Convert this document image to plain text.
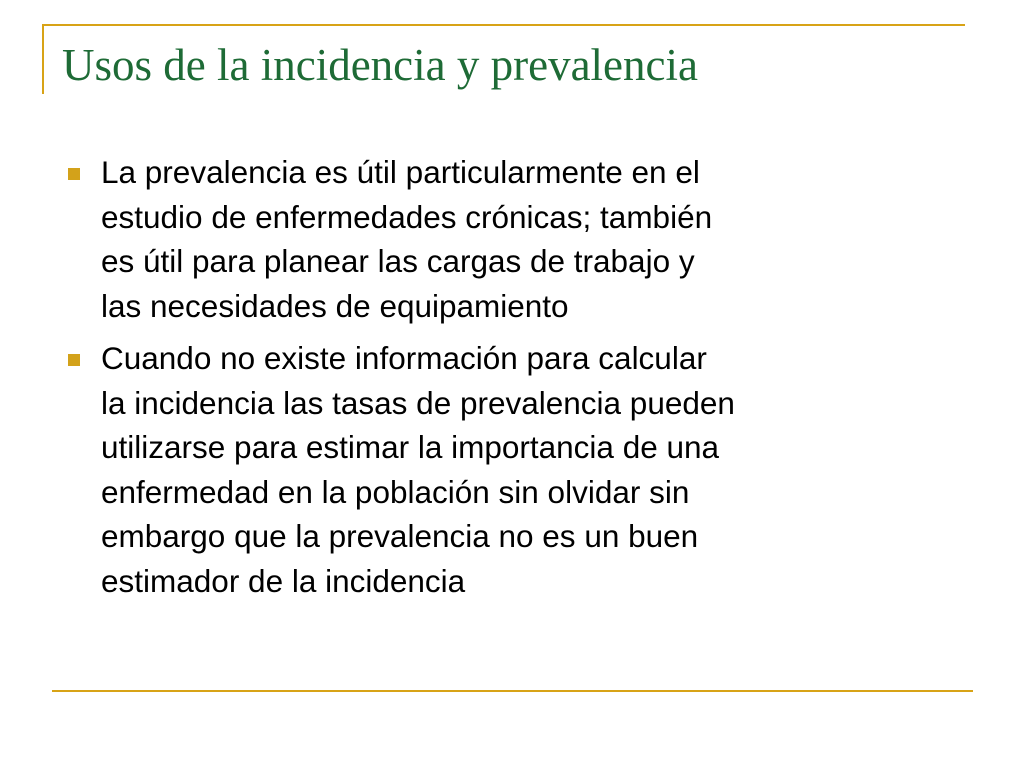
Usos de la incidencia y prevalencia
La prevalencia es útil particularmente en el
estudio de enfermedades crónicas; también
es útil para planear las cargas de trabajo y
las necesidades de equipamiento
Cuando no existe información para calcular
la incidencia las tasas de prevalencia pueden
utilizarse para estimar la importancia de una
enfermedad en la población sin olvidar sin
embargo que la prevalencia no es un buen
estimador de la incidencia
